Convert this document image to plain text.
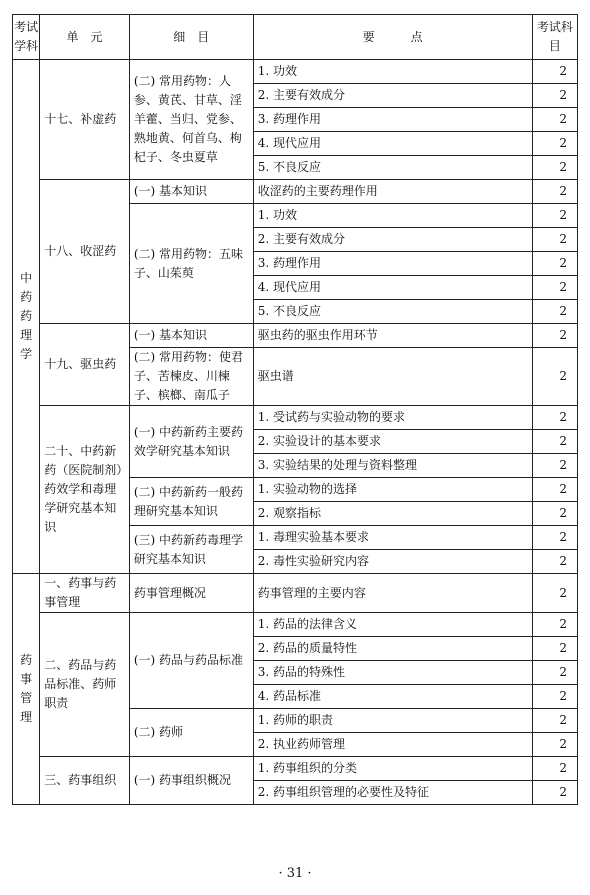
考试学科	单　元	细　目	要　　　点	考试科目
中药药理学	十七、补虚药	(二) 常用药物：人参、黄芪、甘草、淫羊藿、当归、党参、熟地黄、何首乌、枸杞子、冬虫夏草	1. 功效	2
			2. 主要有效成分	2
			3. 药理作用	2
			4. 现代应用	2
			5. 不良反应	2
	十八、收涩药	(一) 基本知识	收涩药的主要药理作用	2
		(二) 常用药物：五味子、山茱萸	1. 功效	2
			2. 主要有效成分	2
			3. 药理作用	2
			4. 现代应用	2
			5. 不良反应	2
	十九、驱虫药	(一) 基本知识	驱虫药的驱虫作用环节	2
		(二) 常用药物：使君子、苦楝皮、川楝子、槟榔、南瓜子	驱虫谱	2
	二十、中药新药（医院制剂）药效学和毒理学研究基本知识	(一) 中药新药主要药效学研究基本知识	1. 受试药与实验动物的要求	2
			2. 实验设计的基本要求	2
			3. 实验结果的处理与资料整理	2
		(二) 中药新药一般药理研究基本知识	1. 实验动物的选择	2
			2. 观察指标	2
		(三) 中药新药毒理学研究基本知识	1. 毒理实验基本要求	2
			2. 毒性实验研究内容	2
药事管理	一、药事与药事管理	药事管理概况	药事管理的主要内容	2
	二、药品与药品标准、药师职责	(一) 药品与药品标准	1. 药品的法律含义	2
			2. 药品的质量特性	2
			3. 药品的特殊性	2
			4. 药品标准	2
		(二) 药师	1. 药师的职责	2
			2. 执业药师管理	2
	三、药事组织	(一) 药事组织概况	1. 药事组织的分类	2
			2. 药事组织管理的必要性及特征	2
· 31 ·
